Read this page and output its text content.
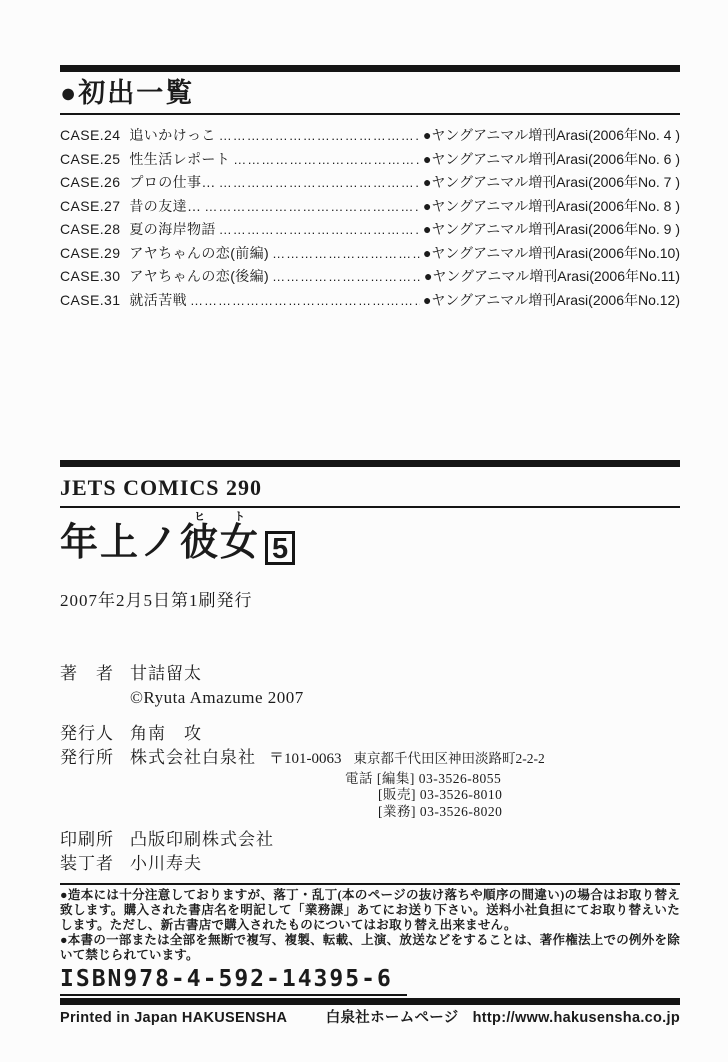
●初出一覧
CASE.24 追いかけっこ ………………………………………………………………………………………………………………	●ヤングアニマル増刊Arasi(2006年No. 4 )
CASE.25 性生活レポート ………………………………………………………………………………………………………………	●ヤングアニマル増刊Arasi(2006年No. 6 )
CASE.26 プロの仕事… ………………………………………………………………………………………………………………	●ヤングアニマル増刊Arasi(2006年No. 7 )
CASE.27 昔の友達… ………………………………………………………………………………………………………………	●ヤングアニマル増刊Arasi(2006年No. 8 )
CASE.28 夏の海岸物語 ………………………………………………………………………………………………………………	●ヤングアニマル増刊Arasi(2006年No. 9 )
CASE.29 アヤちゃんの恋(前編) ………………………………………………………………………………………………………………	●ヤングアニマル増刊Arasi(2006年No.10)
CASE.30 アヤちゃんの恋(後編) ………………………………………………………………………………………………………………	●ヤングアニマル増刊Arasi(2006年No.11)
CASE.31 就活苦戦 ………………………………………………………………………………………………………………	●ヤングアニマル増刊Arasi(2006年No.12)
JETS COMICS 290
年上ノ彼ヒ女ト5
2007年2月5日第1刷発行
著　者 甘詰留太
©Ryuta Amazume 2007
発行人 角南　攻
発行所 株式会社白泉社 〒101-0063 東京都千代田区神田淡路町2-2-2
電話 [編集] 03-3526-8055
[販売] 03-3526-8010
[業務] 03-3526-8020
印刷所 凸版印刷株式会社
装丁者 小川寿夫

●造本には十分注意しておりますが、落丁・乱丁(本のページの抜け落ちや順序の間違い)の場合はお取り替え致します。購入された書店名を明記して「業務課」あてにお送り下さい。送料小社負担にてお取り替えいたします。ただし、新古書店で購入されたものについてはお取り替え出来ません。

●本書の一部または全部を無断で複写、複製、転載、上演、放送などをすることは、著作権法上での例外を除いて禁じられています。

ISBN978-4-592-14395-6
Printed in Japan HAKUSENSHA	白泉社ホームページ http://www.hakusensha.co.jp
